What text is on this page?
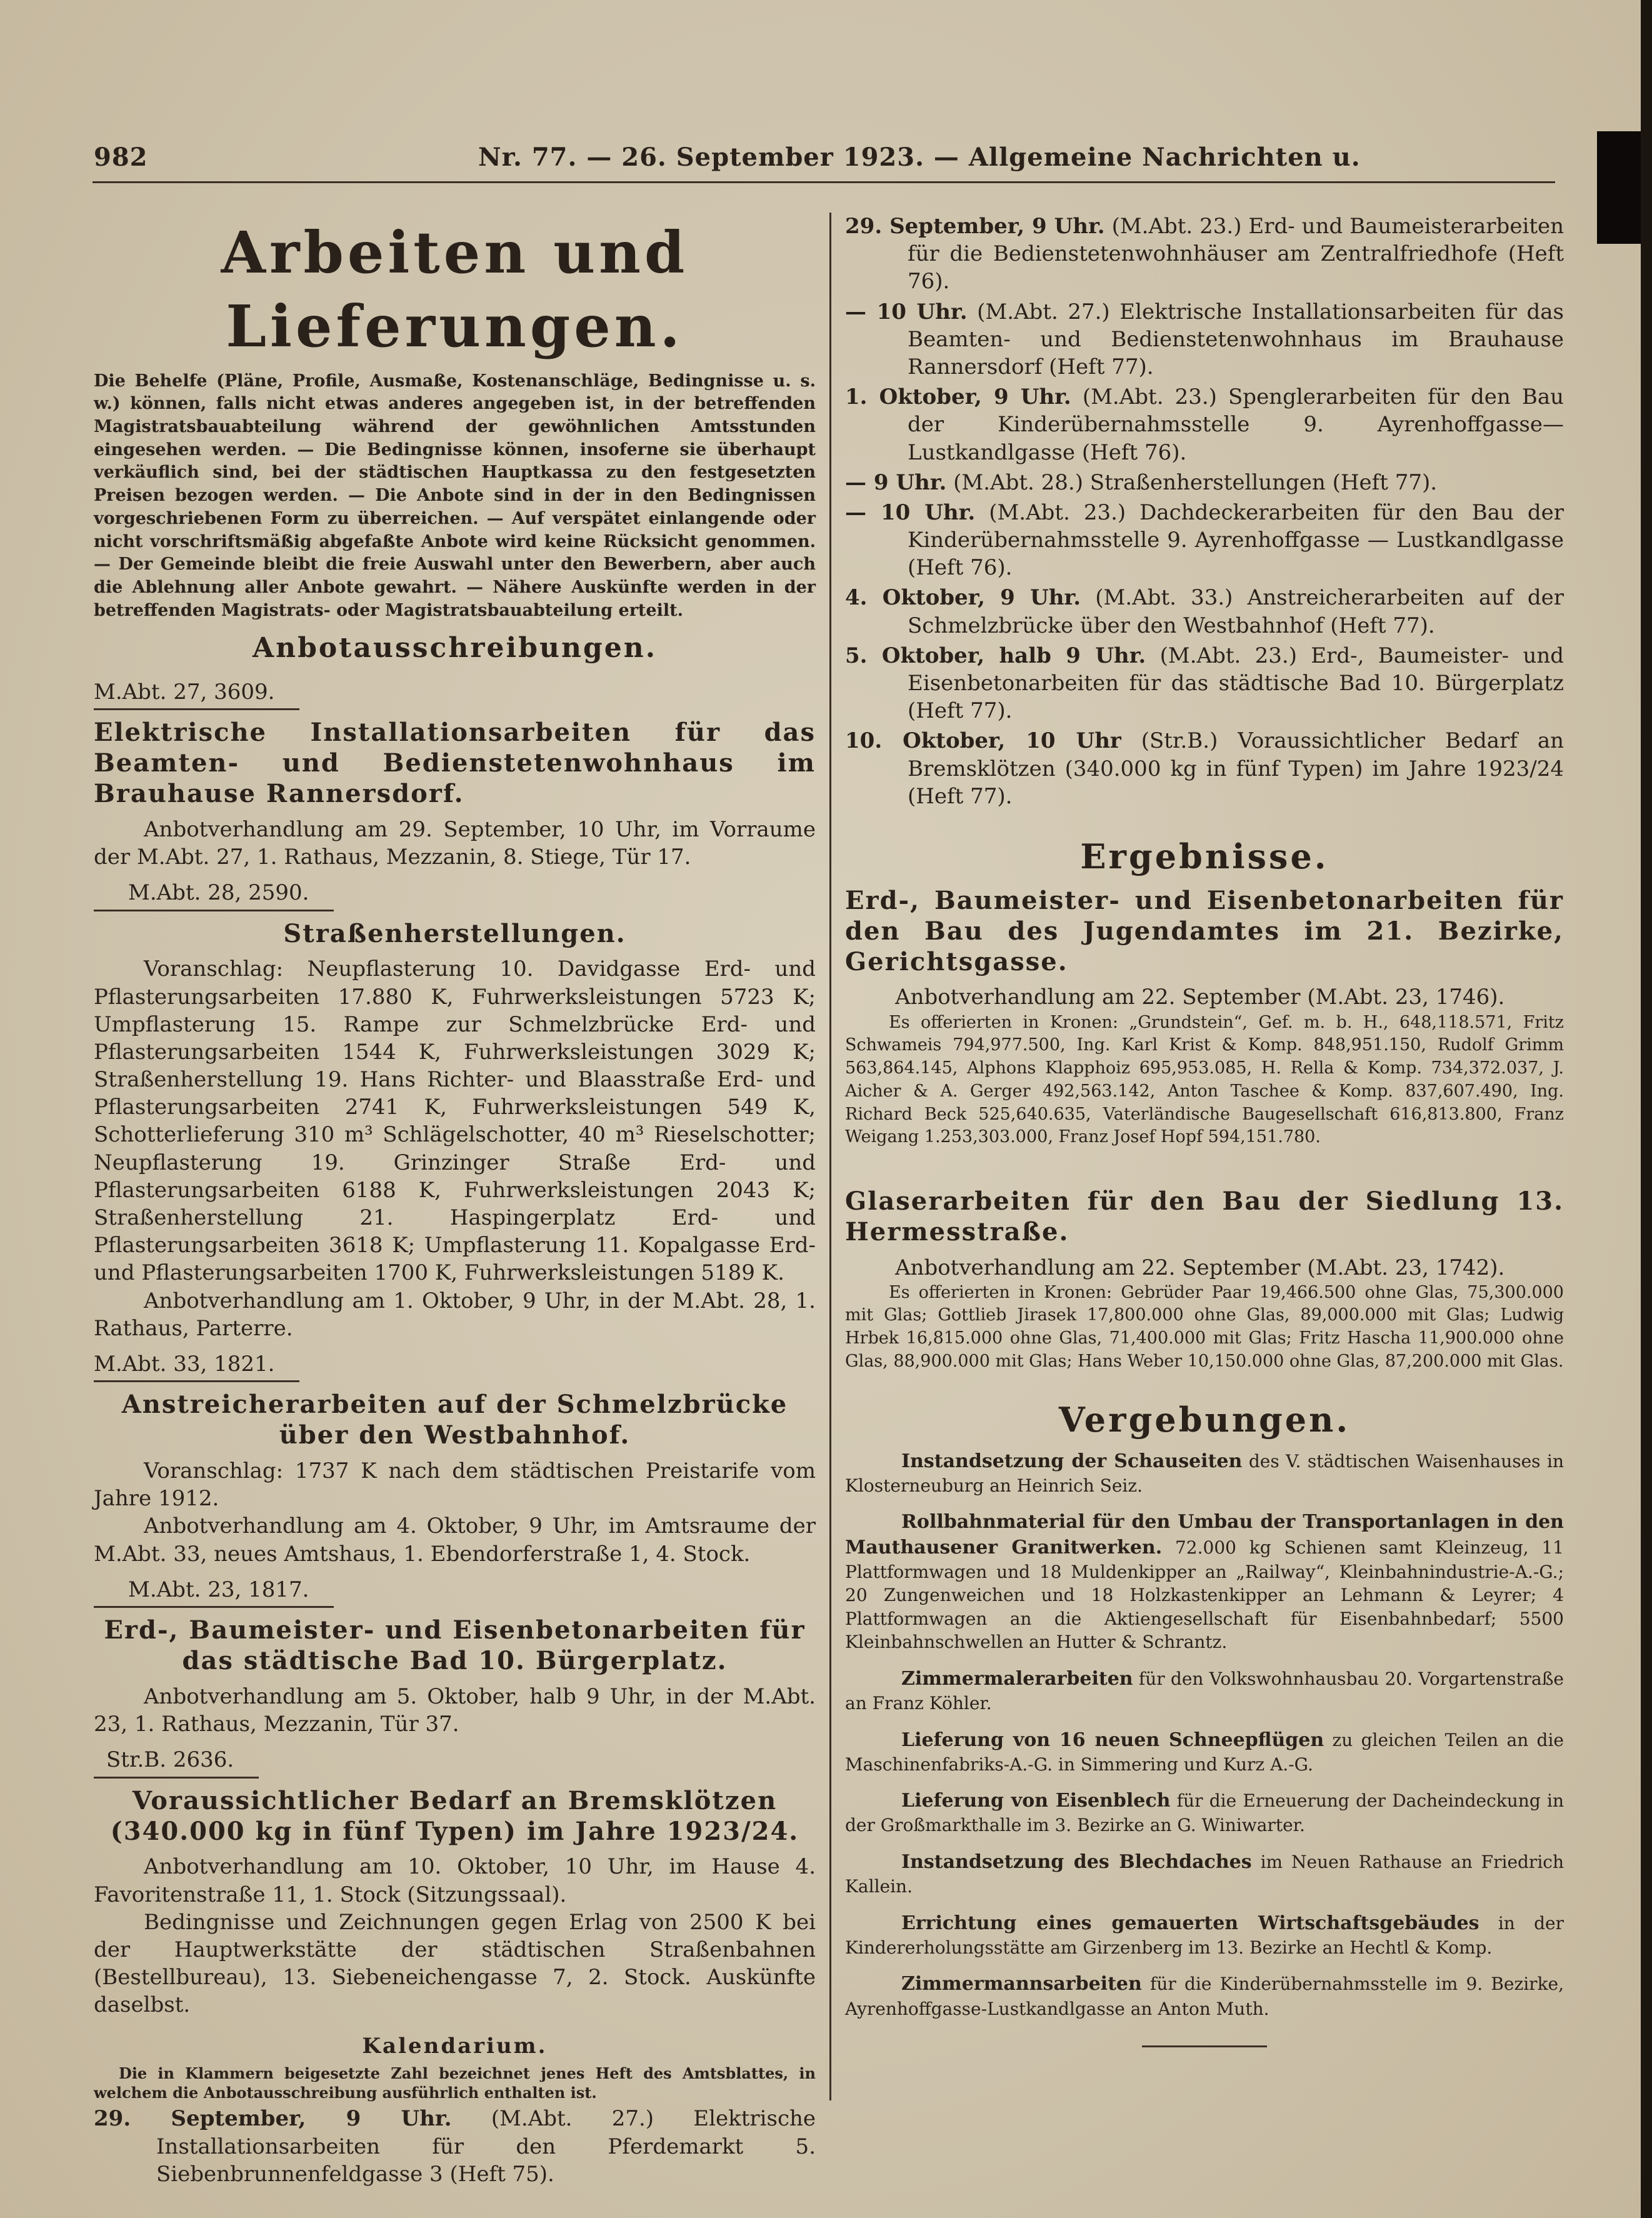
982	Nr. 77. — 26. September 1923. — Allgemeine Nachrichten u.
Arbeiten und Lieferungen.

Die Behelfe (Pläne, Profile, Ausmaße, Kostenanschläge, Bedingnisse u. s. w.) können, falls nicht etwas anderes angegeben ist, in der betreffenden Magistratsbauabteilung während der gewöhnlichen Amtsstunden eingesehen werden. — Die Bedingnisse können, insoferne sie überhaupt verkäuflich sind, bei der städtischen Hauptkassa zu den festgesetzten Preisen bezogen werden. — Die Anbote sind in der in den Bedingnissen vorgeschriebenen Form zu überreichen. — Auf verspätet einlangende oder nicht vorschriftsmäßig abgefaßte Anbote wird keine Rücksicht genommen. — Der Gemeinde bleibt die freie Auswahl unter den Bewerbern, aber auch die Ablehnung aller Anbote gewahrt. — Nähere Auskünfte werden in der betreffenden Magistrats- oder Magistratsbauabteilung erteilt.

Anbotausschreibungen.
M.Abt. 27, 3609.
Elektrische Installationsarbeiten für das Beamten- und Bedienstetenwohnhaus im Brauhause Rannersdorf.

Anbotverhandlung am 29. September, 10 Uhr, im Vorraume der M.Abt. 27, 1. Rathaus, Mezzanin, 8. Stiege, Tür 17.

M.Abt. 28, 2590.
Straßenherstellungen.

Voranschlag: Neupflasterung 10. Davidgasse Erd- und Pflasterungsarbeiten 17.880 K, Fuhrwerksleistungen 5723 K; Umpflasterung 15. Rampe zur Schmelzbrücke Erd- und Pflasterungsarbeiten 1544 K, Fuhrwerksleistungen 3029 K; Straßenherstellung 19. Hans Richter- und Blaasstraße Erd- und Pflasterungsarbeiten 2741 K, Fuhrwerksleistungen 549 K, Schotterlieferung 310 m³ Schlägelschotter, 40 m³ Rieselschotter; Neupflasterung 19. Grinzinger Straße Erd- und Pflasterungsarbeiten 6188 K, Fuhrwerksleistungen 2043 K; Straßenherstellung 21. Haspingerplatz Erd- und Pflasterungsarbeiten 3618 K; Umpflasterung 11. Kopalgasse Erd- und Pflasterungsarbeiten 1700 K, Fuhrwerksleistungen 5189 K.

Anbotverhandlung am 1. Oktober, 9 Uhr, in der M.Abt. 28, 1. Rathaus, Parterre.

M.Abt. 33, 1821.
Anstreicherarbeiten auf der Schmelzbrücke über den Westbahnhof.

Voranschlag: 1737 K nach dem städtischen Preistarife vom Jahre 1912.

Anbotverhandlung am 4. Oktober, 9 Uhr, im Amtsraume der M.Abt. 33, neues Amtshaus, 1. Ebendorferstraße 1, 4. Stock.

M.Abt. 23, 1817.
Erd-, Baumeister- und Eisenbetonarbeiten für das städtische Bad 10. Bürgerplatz.

Anbotverhandlung am 5. Oktober, halb 9 Uhr, in der M.Abt. 23, 1. Rathaus, Mezzanin, Tür 37.

Str.B. 2636.
Voraussichtlicher Bedarf an Bremsklötzen (340.000 kg in fünf Typen) im Jahre 1923/24.

Anbotverhandlung am 10. Oktober, 10 Uhr, im Hause 4. Favoritenstraße 11, 1. Stock (Sitzungssaal).

Bedingnisse und Zeichnungen gegen Erlag von 2500 K bei der Hauptwerkstätte der städtischen Straßenbahnen (Bestellbureau), 13. Siebeneichengasse 7, 2. Stock. Auskünfte daselbst.

Kalendarium.

Die in Klammern beigesetzte Zahl bezeichnet jenes Heft des Amtsblattes, in welchem die Anbotausschreibung ausführlich enthalten ist.

29. September, 9 Uhr. (M.Abt. 27.) Elektrische Installationsarbeiten für den Pferdemarkt 5. Siebenbrunnenfeldgasse 3 (Heft 75).

29. September, 9 Uhr. (M.Abt. 23.) Erd- und Baumeisterarbeiten für die Bedienstetenwohnhäuser am Zentralfriedhofe (Heft 76).

— 10 Uhr. (M.Abt. 27.) Elektrische Installationsarbeiten für das Beamten- und Bedienstetenwohnhaus im Brauhause Rannersdorf (Heft 77).

1. Oktober, 9 Uhr. (M.Abt. 23.) Spenglerarbeiten für den Bau der Kinderübernahmsstelle 9. Ayrenhoffgasse—Lustkandlgasse (Heft 76).

— 9 Uhr. (M.Abt. 28.) Straßenherstellungen (Heft 77).

— 10 Uhr. (M.Abt. 23.) Dachdeckerarbeiten für den Bau der Kinderübernahmsstelle 9. Ayrenhoffgasse — Lustkandlgasse (Heft 76).

4. Oktober, 9 Uhr. (M.Abt. 33.) Anstreicherarbeiten auf der Schmelzbrücke über den Westbahnhof (Heft 77).

5. Oktober, halb 9 Uhr. (M.Abt. 23.) Erd-, Baumeister- und Eisenbetonarbeiten für das städtische Bad 10. Bürgerplatz (Heft 77).

10. Oktober, 10 Uhr (Str.B.) Voraussichtlicher Bedarf an Bremsklötzen (340.000 kg in fünf Typen) im Jahre 1923/24 (Heft 77).

Ergebnisse.
Erd-, Baumeister- und Eisenbetonarbeiten für den Bau des Jugendamtes im 21. Bezirke, Gerichtsgasse.

Anbotverhandlung am 22. September (M.Abt. 23, 1746).

Es offerierten in Kronen: „Grundstein“, Gef. m. b. H., 648,118.571, Fritz Schwameis 794,977.500, Ing. Karl Krist & Komp. 848,951.150, Rudolf Grimm 563,864.145, Alphons Klapphoiz 695,953.085, H. Rella & Komp. 734,372.037, J. Aicher & A. Gerger 492,563.142, Anton Taschee & Komp. 837,607.490, Ing. Richard Beck 525,640.635, Vaterländische Baugesellschaft 616,813.800, Franz Weigang 1.253,303.000, Franz Josef Hopf 594,151.780.

Glaserarbeiten für den Bau der Siedlung 13. Hermesstraße.

Anbotverhandlung am 22. September (M.Abt. 23, 1742).

Es offerierten in Kronen: Gebrüder Paar 19,466.500 ohne Glas, 75,300.000 mit Glas; Gottlieb Jirasek 17,800.000 ohne Glas, 89,000.000 mit Glas; Ludwig Hrbek 16,815.000 ohne Glas, 71,400.000 mit Glas; Fritz Hascha 11,900.000 ohne Glas, 88,900.000 mit Glas; Hans Weber 10,150.000 ohne Glas, 87,200.000 mit Glas.

Vergebungen.

Instandsetzung der Schauseiten des V. städtischen Waisenhauses in Klosterneuburg an Heinrich Seiz.

Rollbahnmaterial für den Umbau der Transportanlagen in den Mauthausener Granitwerken. 72.000 kg Schienen samt Kleinzeug, 11 Plattformwagen und 18 Muldenkipper an „Railway“, Kleinbahnindustrie-A.-G.; 20 Zungenweichen und 18 Holzkastenkipper an Lehmann & Leyrer; 4 Plattformwagen an die Aktiengesellschaft für Eisenbahnbedarf; 5500 Kleinbahnschwellen an Hutter & Schrantz.

Zimmermalerarbeiten für den Volkswohnhausbau 20. Vorgartenstraße an Franz Köhler.

Lieferung von 16 neuen Schneepflügen zu gleichen Teilen an die Maschinenfabriks-A.-G. in Simmering und Kurz A.-G.

Lieferung von Eisenblech für die Erneuerung der Dacheindeckung in der Großmarkthalle im 3. Bezirke an G. Winiwarter.

Instandsetzung des Blechdaches im Neuen Rathause an Friedrich Kallein.

Errichtung eines gemauerten Wirtschaftsgebäudes in der Kindererholungsstätte am Girzenberg im 13. Bezirke an Hechtl & Komp.

Zimmermannsarbeiten für die Kinderübernahmsstelle im 9. Bezirke, Ayrenhoffgasse-Lustkandlgasse an Anton Muth.
